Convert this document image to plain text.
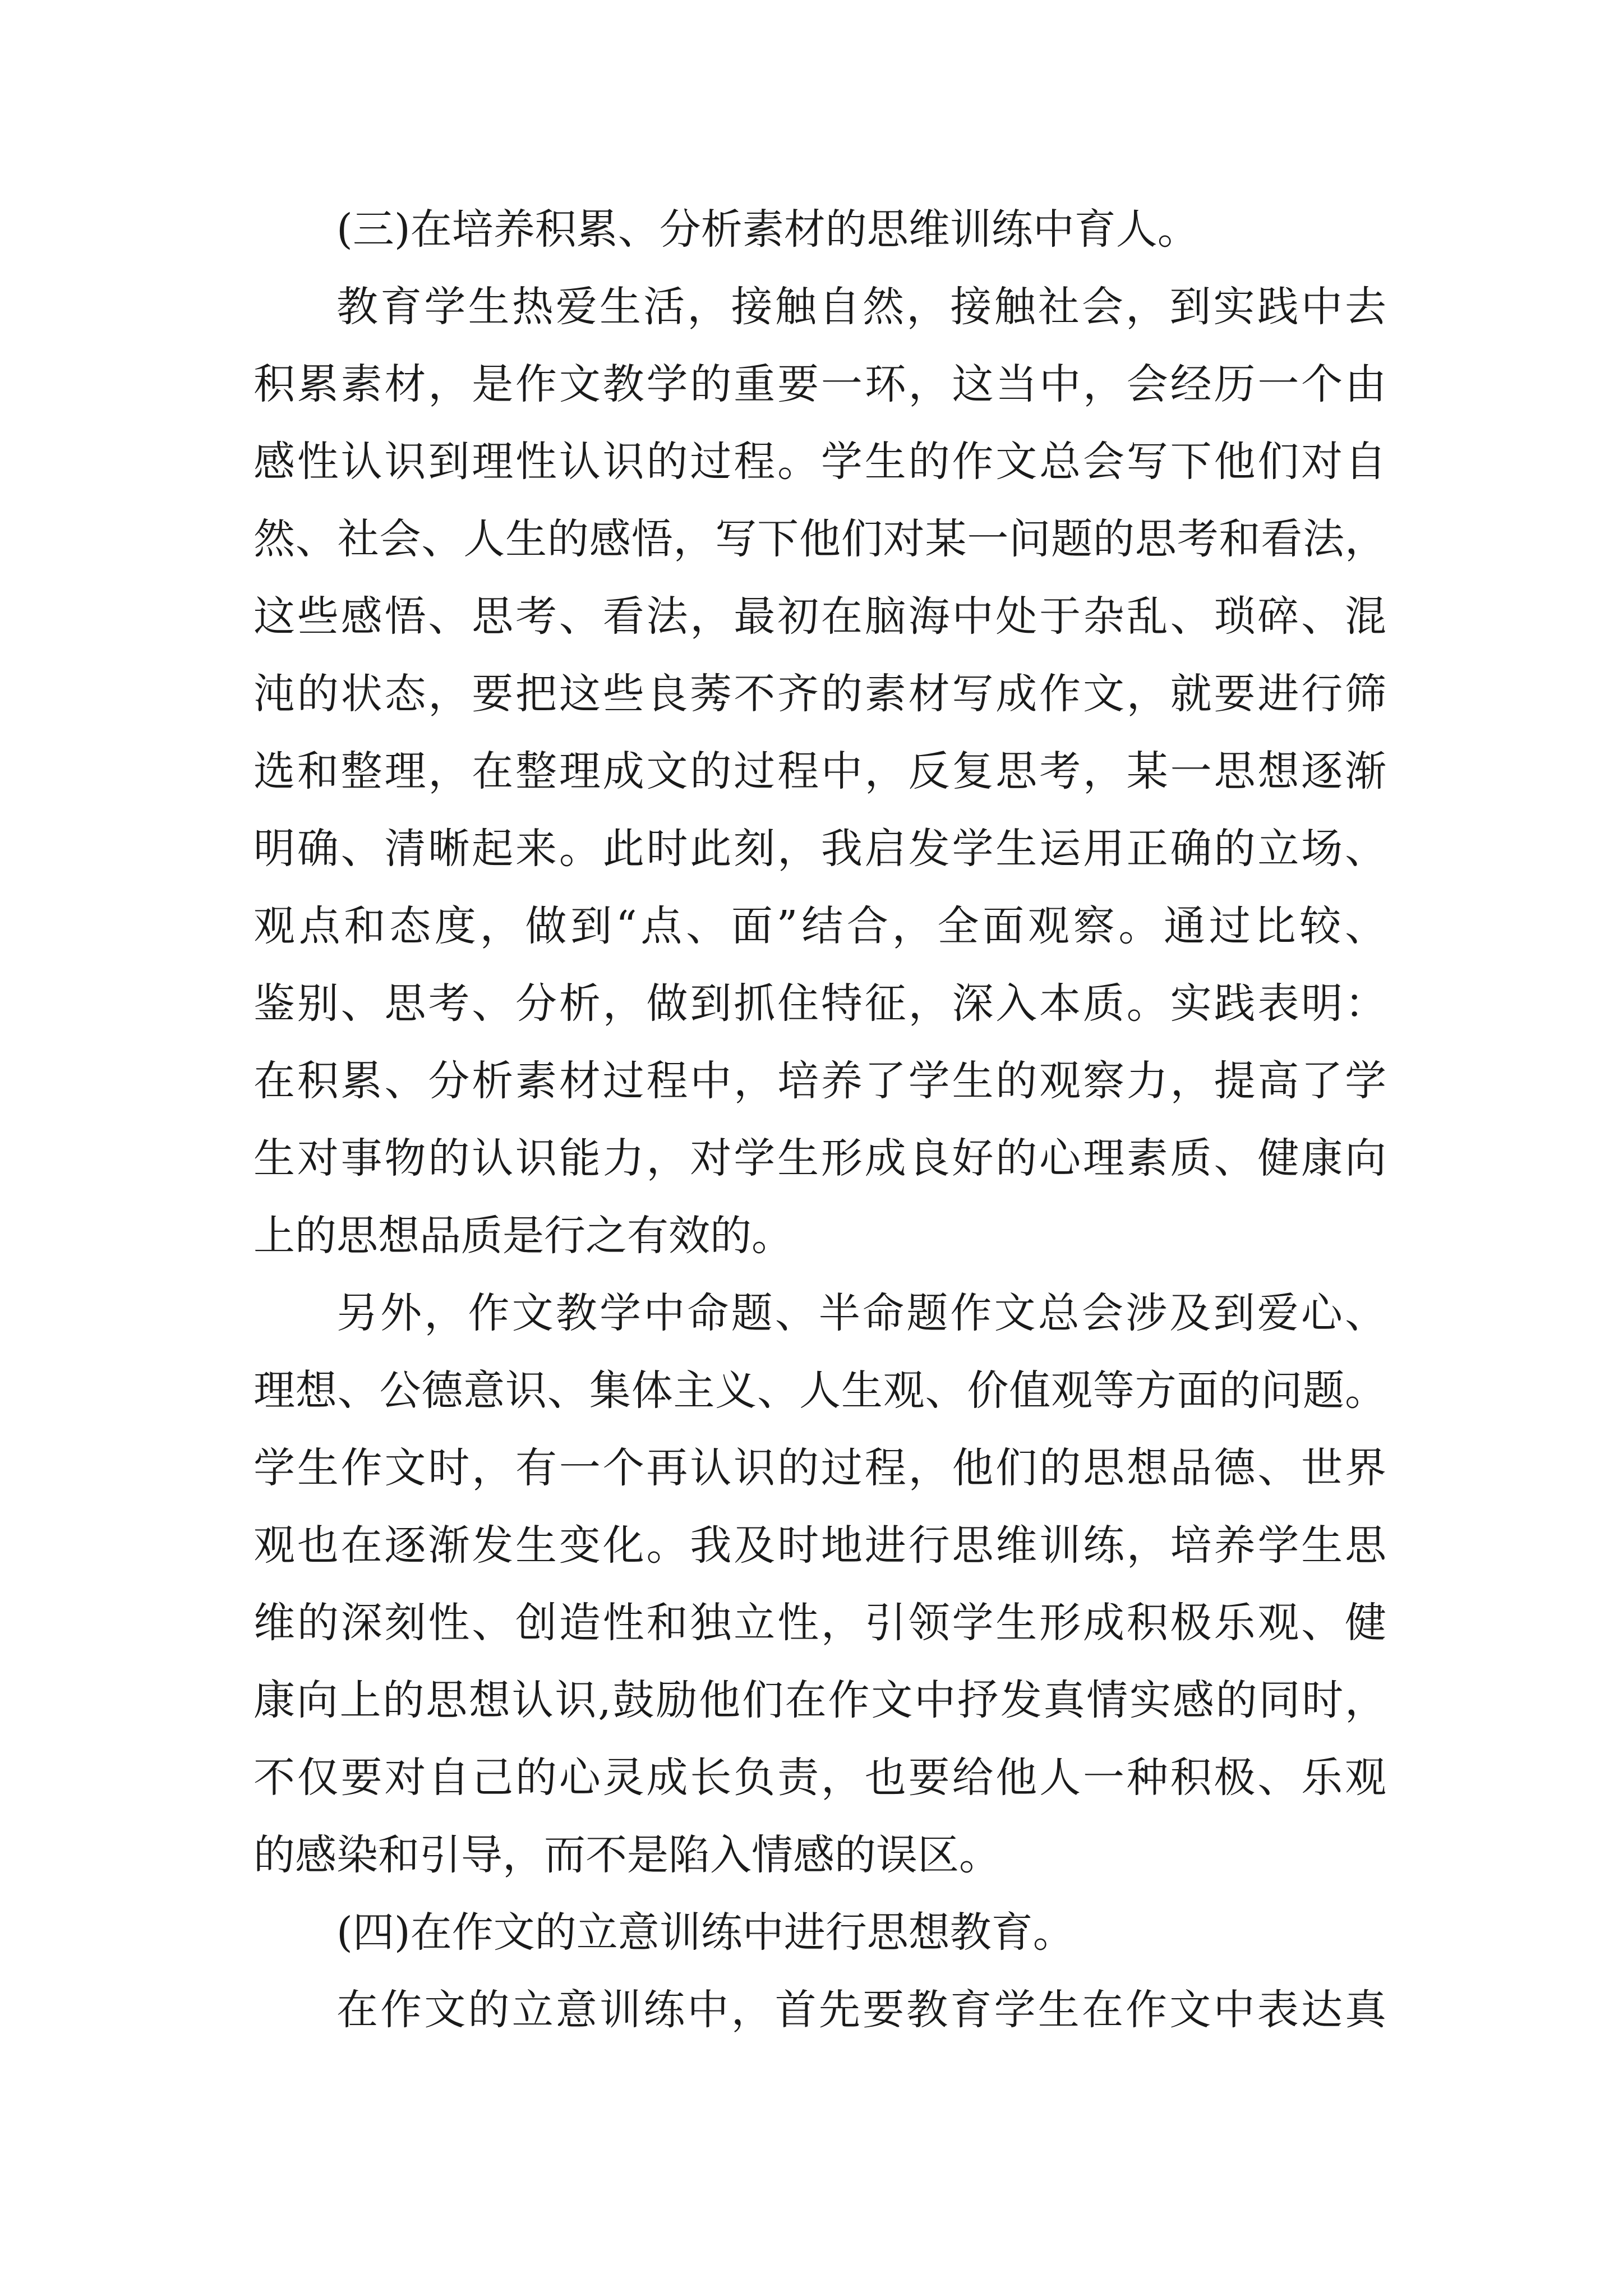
(三)在培养积累、分析素材的思维训练中育人。
教育学生热爱生活，接触自然，接触社会，到实践中去
积累素材，是作文教学的重要一环，这当中，会经历一个由
感性认识到理性认识的过程。学生的作文总会写下他们对自
然、社会、人生的感悟，写下他们对某一问题的思考和看法，
这些感悟、思考、看法，最初在脑海中处于杂乱、琐碎、混
沌的状态，要把这些良莠不齐的素材写成作文，就要进行筛
选和整理，在整理成文的过程中，反复思考，某一思想逐渐
明确、清晰起来。此时此刻，我启发学生运用正确的立场、
观点和态度，做到“点、面”结合，全面观察。通过比较、
鉴别、思考、分析，做到抓住特征，深入本质。实践表明：
在积累、分析素材过程中，培养了学生的观察力，提高了学
生对事物的认识能力，对学生形成良好的心理素质、健康向
上的思想品质是行之有效的。
另外，作文教学中命题、半命题作文总会涉及到爱心、
理想、公德意识、集体主义、人生观、价值观等方面的问题。
学生作文时，有一个再认识的过程，他们的思想品德、世界
观也在逐渐发生变化。我及时地进行思维训练，培养学生思
维的深刻性、创造性和独立性，引领学生形成积极乐观、健
康向上的思想认识,鼓励他们在作文中抒发真情实感的同时，
不仅要对自己的心灵成长负责，也要给他人一种积极、乐观
的感染和引导，而不是陷入情感的误区。
(四)在作文的立意训练中进行思想教育。
在作文的立意训练中，首先要教育学生在作文中表达真
